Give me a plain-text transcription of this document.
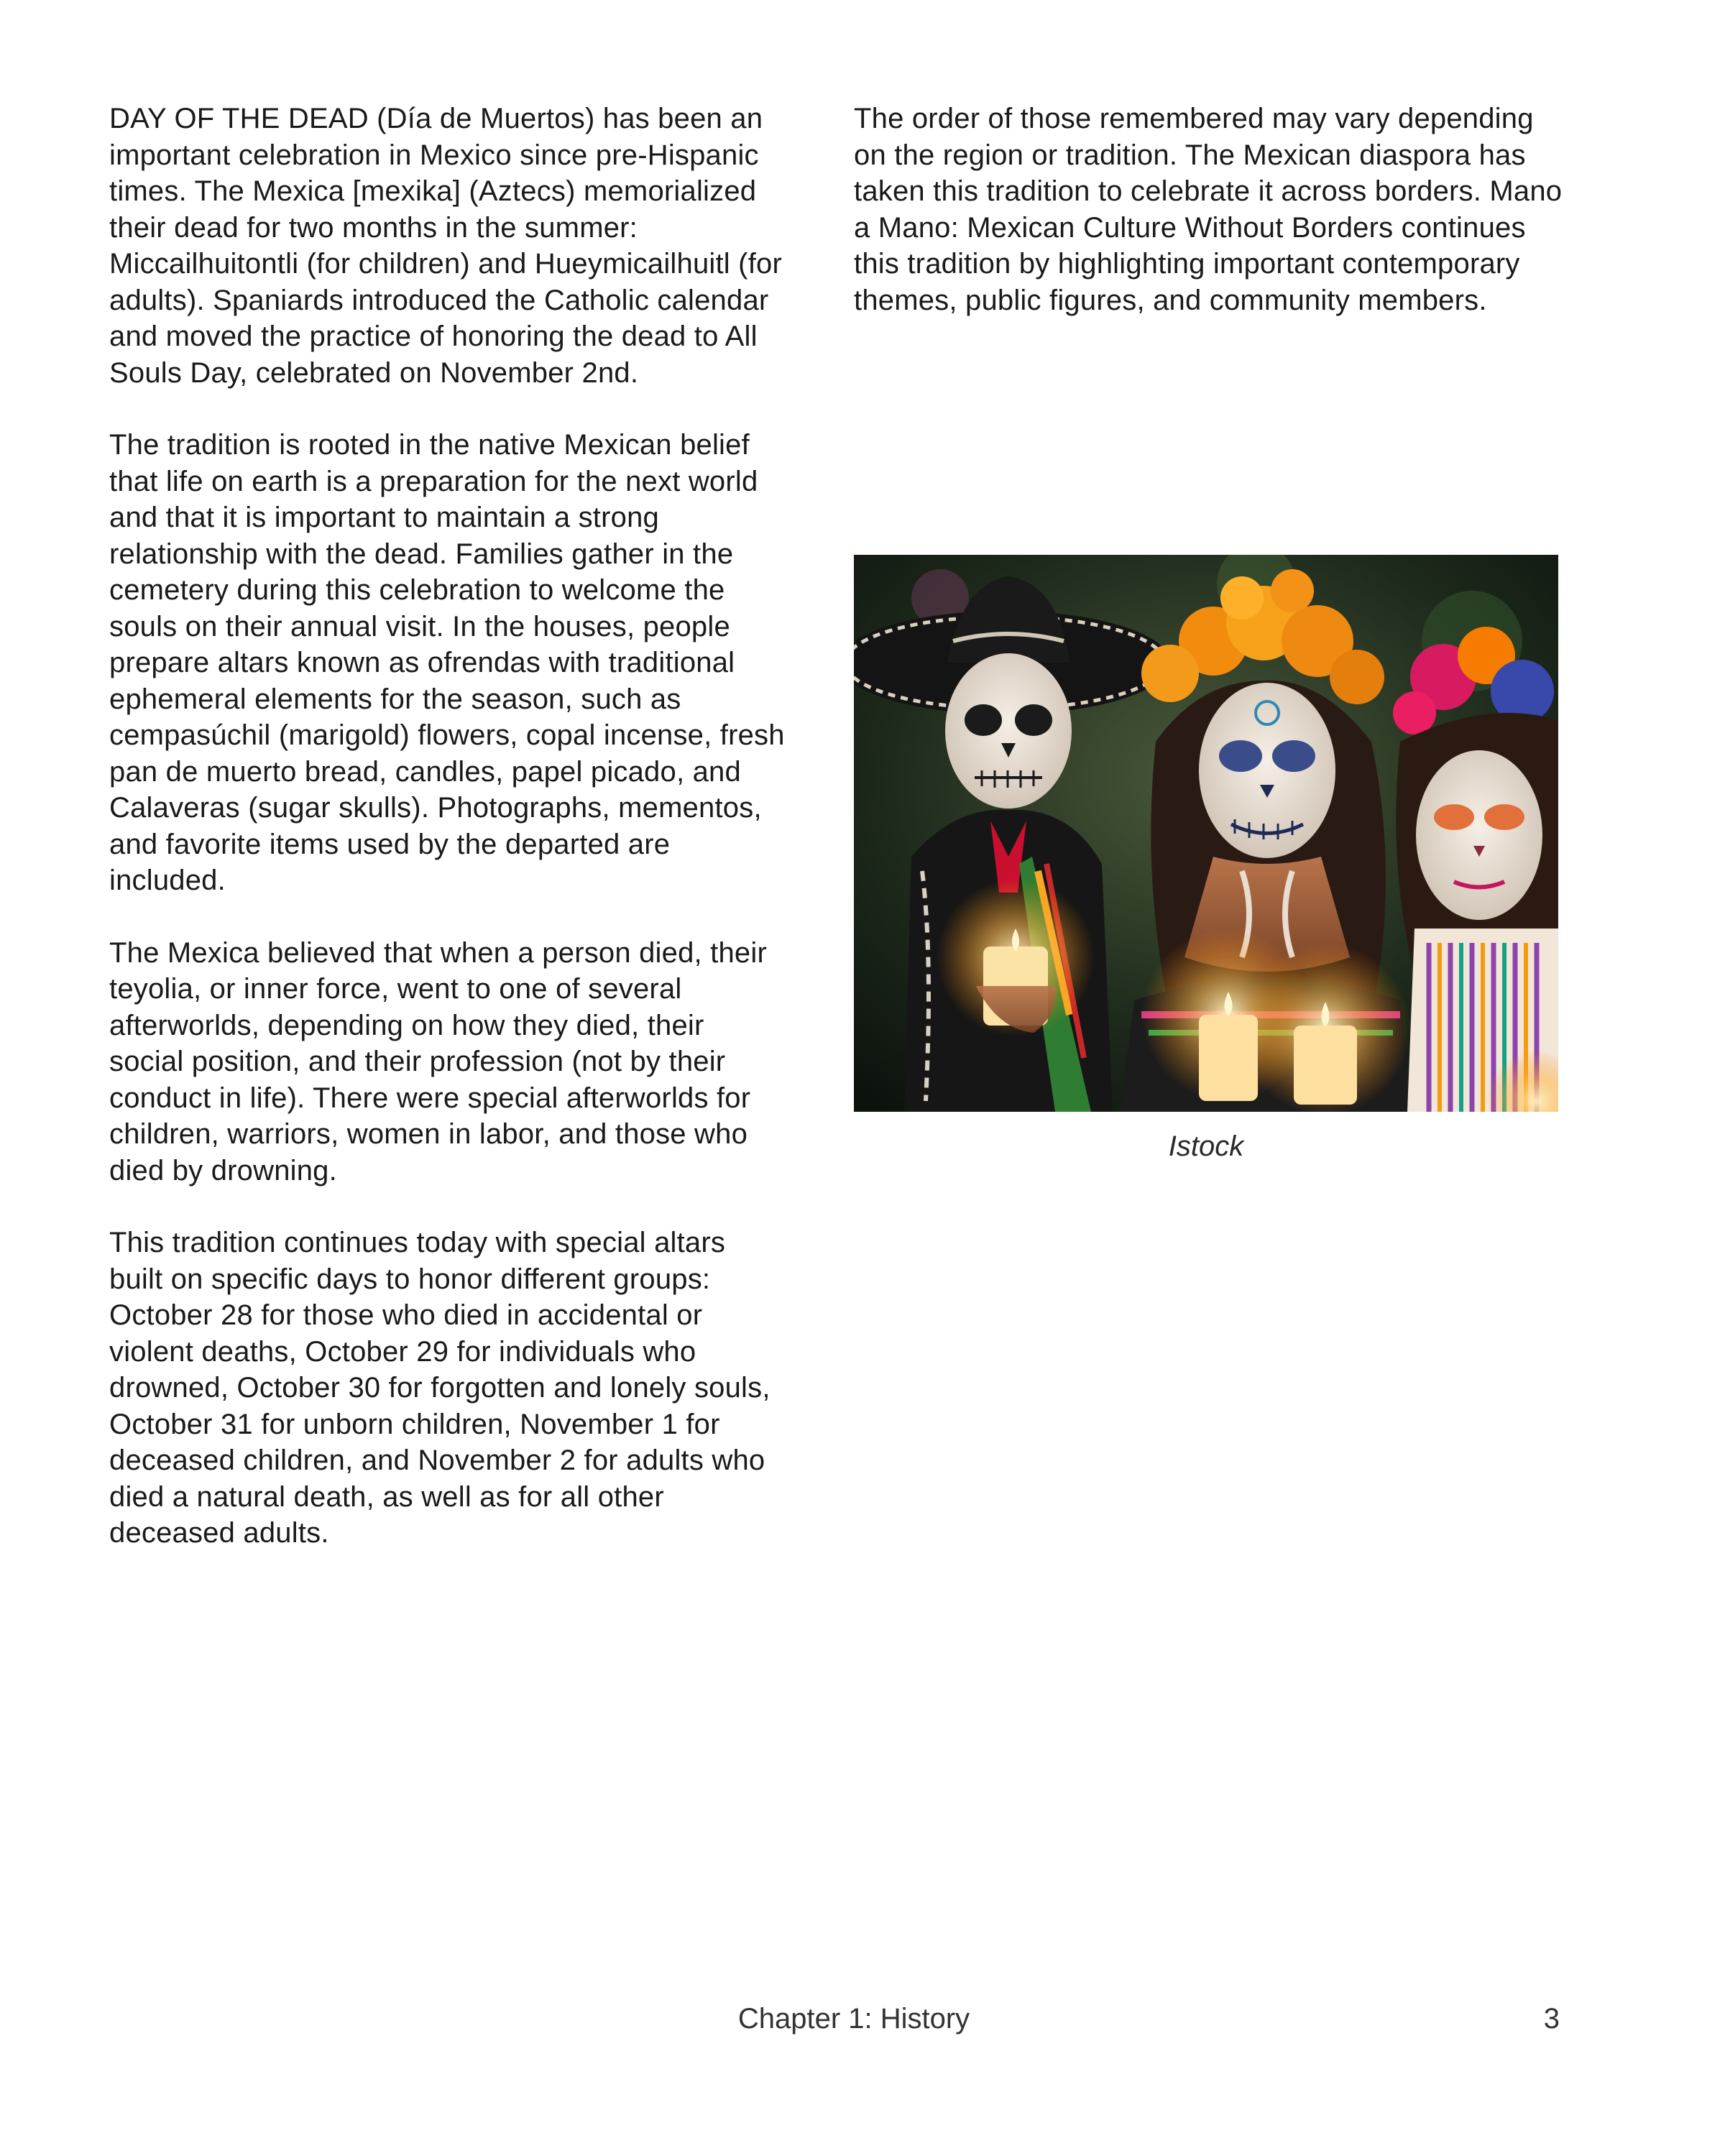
DAY OF THE DEAD (Día de Muertos) has been an important celebration in Mexico since pre-Hispanic times. The Mexica [mexika] (Aztecs) memorialized their dead for two months in the summer: Miccailhuitontli (for children) and Hueymicailhuitl (for adults). Spaniards introduced the Catholic calendar and moved the practice of honoring the dead to All Souls Day, celebrated on November 2nd.

The tradition is rooted in the native Mexican belief that life on earth is a preparation for the next world and that it is important to maintain a strong relationship with the dead. Families gather in the cemetery during this celebration to welcome the souls on their annual visit. In the houses, people prepare altars known as ofrendas with traditional ephemeral elements for the season, such as cempasúchil (marigold) flowers, copal incense, fresh pan de muerto bread, candles, papel picado, and Calaveras (sugar skulls). Photographs, mementos, and favorite items used by the departed are included.

The Mexica believed that when a person died, their teyolia, or inner force, went to one of several afterworlds, depending on how they died, their social position, and their profession (not by their conduct in life). There were special afterworlds for children, warriors, women in labor, and those who died by drowning.

This tradition continues today with special altars built on specific days to honor different groups: October 28 for those who died in accidental or violent deaths, October 29 for individuals who drowned, October 30 for forgotten and lonely souls, October 31 for unborn children, November 1 for deceased children, and November 2 for adults who died a natural death, as well as for all other deceased adults.

The order of those remembered may vary depending on the region or tradition. The Mexican diaspora has taken this tradition to celebrate it across borders. Mano a Mano: Mexican Culture Without Borders continues this tradition by highlighting important contemporary themes, public figures, and community members.

Istock
Chapter 1: History	3
